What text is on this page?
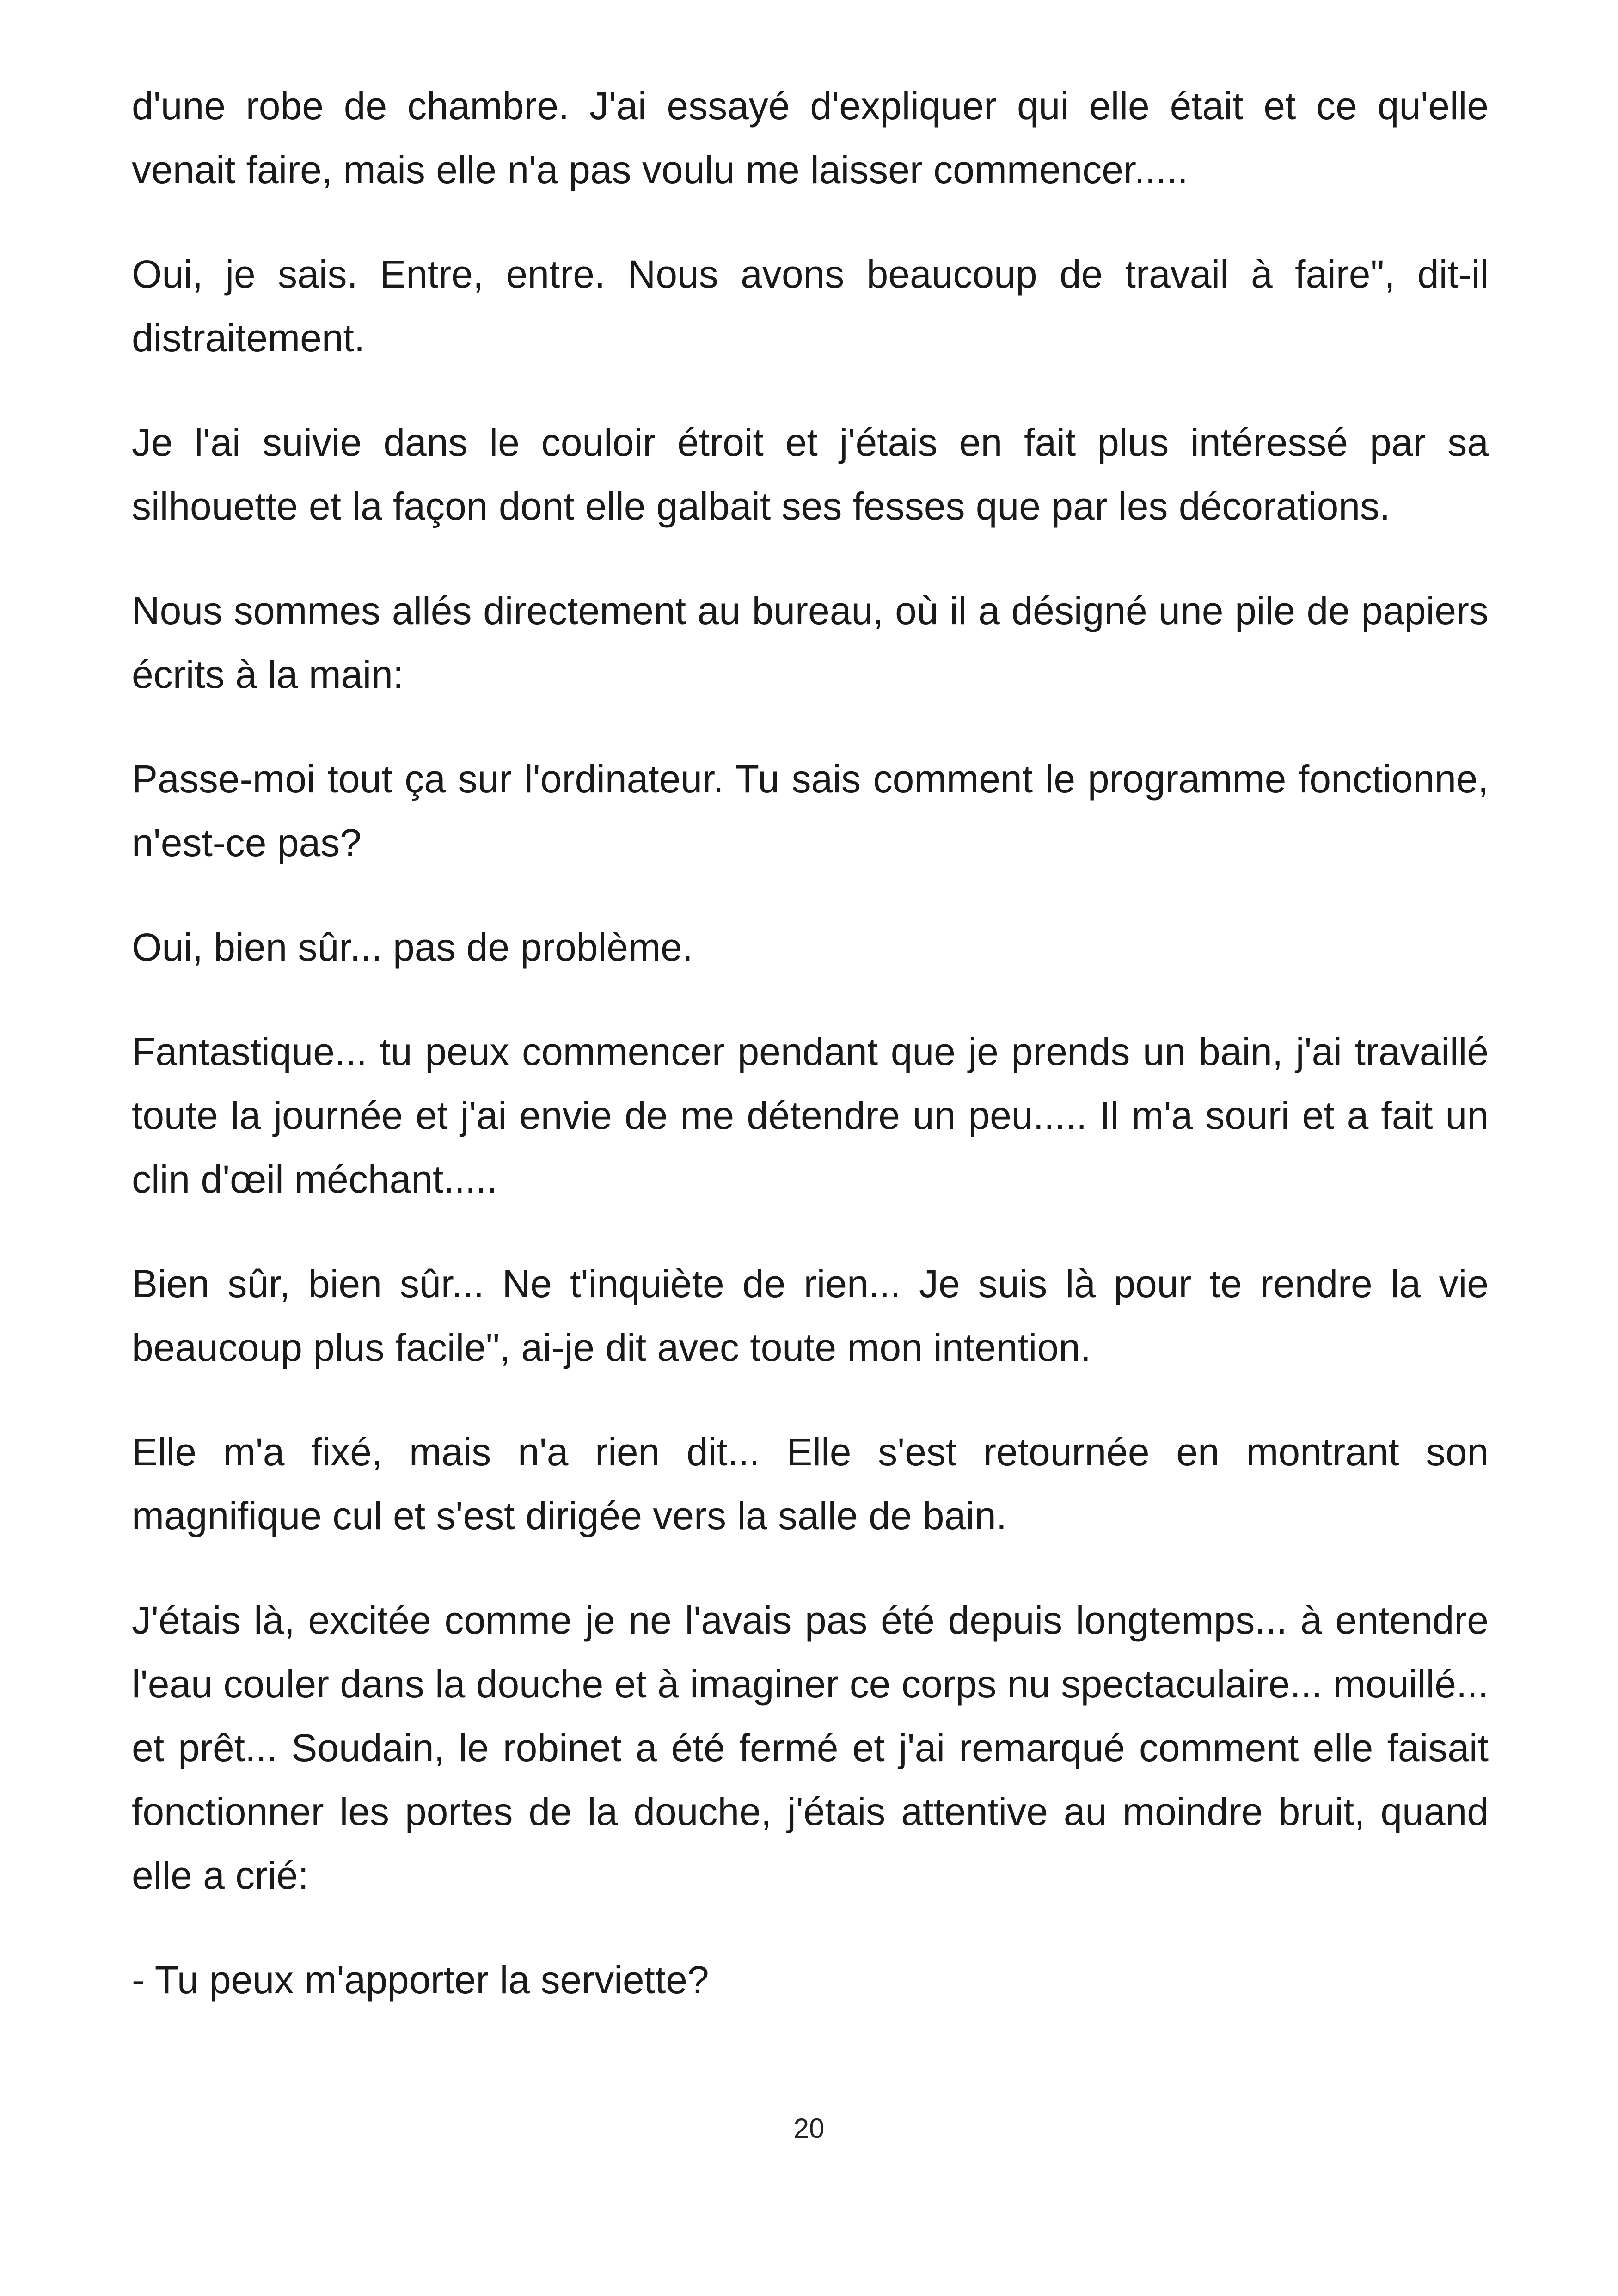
d'une robe de chambre. J'ai essayé d'expliquer qui elle était et ce qu'elle venait faire, mais elle n'a pas voulu me laisser commencer.....

Oui, je sais. Entre, entre. Nous avons beaucoup de travail à faire", dit-il distraitement.

Je l'ai suivie dans le couloir étroit et j'étais en fait plus intéressé par sa silhouette et la façon dont elle galbait ses fesses que par les décorations.

Nous sommes allés directement au bureau, où il a désigné une pile de papiers écrits à la main:

Passe-moi tout ça sur l'ordinateur. Tu sais comment le programme fonctionne, n'est-ce pas?

Oui, bien sûr... pas de problème.

Fantastique... tu peux commencer pendant que je prends un bain, j'ai travaillé toute la journée et j'ai envie de me détendre un peu..... Il m'a souri et a fait un clin d'œil méchant.....

Bien sûr, bien sûr... Ne t'inquiète de rien... Je suis là pour te rendre la vie beaucoup plus facile", ai-je dit avec toute mon intention.

Elle m'a fixé, mais n'a rien dit... Elle s'est retournée en montrant son magnifique cul et s'est dirigée vers la salle de bain.

J'étais là, excitée comme je ne l'avais pas été depuis longtemps... à entendre l'eau couler dans la douche et à imaginer ce corps nu spectaculaire... mouillé... et prêt... Soudain, le robinet a été fermé et j'ai remarqué comment elle faisait fonctionner les portes de la douche, j'étais attentive au moindre bruit, quand elle a crié:

- Tu peux m'apporter la serviette?

20
